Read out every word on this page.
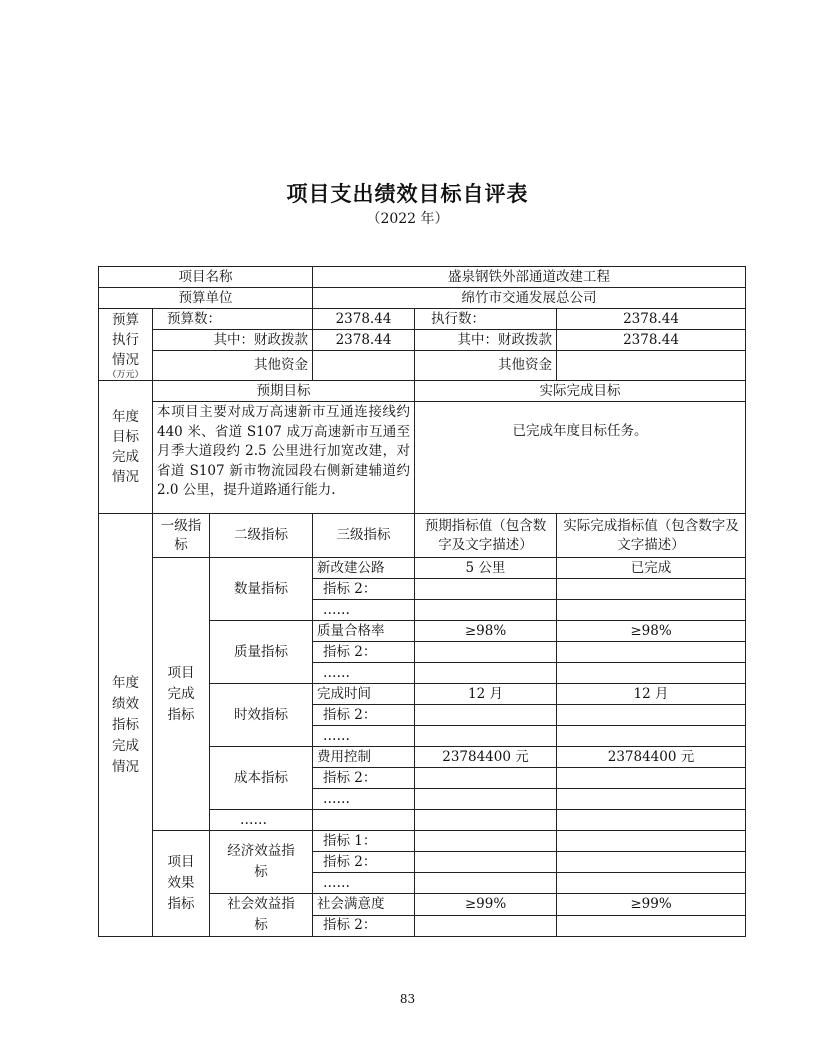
项目支出绩效目标自评表
（2022 年）
项目名称			盛泉钢铁外部通道改建工程		
预算单位			绵竹市交通发展总公司		
预算
执行
情况
（万元）	预算数：		2378.44	执行数：	2378.44
	其中：财政拨款		2378.44	其中：财政拨款	2378.44
	其他资金			其他资金	
年度目标完成情况	预期目标			实际完成目标	
	本项目主要对成万高速新市互通连接线约 440 米、省道 S107 成万高速新市互通至月季大道段约 2.5 公里进行加宽改建，对省道 S107 新市物流园段右侧新建辅道约 2.0 公里，提升道路通行能力.			已完成年度目标任务。	
年度绩效指标完成情况	一级指标	二级指标	三级指标	预期指标值（包含数字及文字描述）	实际完成指标值（包含数字及文字描述）
	项目完成指标	数量指标	新改建公路	5 公里	已完成
			指标 2：		
			……		
		质量指标	质量合格率	≥98%	≥98%
			指标 2：		
			……		
		时效指标	完成时间	12 月	12 月
			指标 2：		
			……		
		成本指标	费用控制	23784400 元	23784400 元
			指标 2：		
			……		
		……			
	项目效果指标	经济效益指标	指标 1：		
			指标 2：		
			……		
		社会效益指标	社会满意度	≥99%	≥99%
			指标 2：		
83
